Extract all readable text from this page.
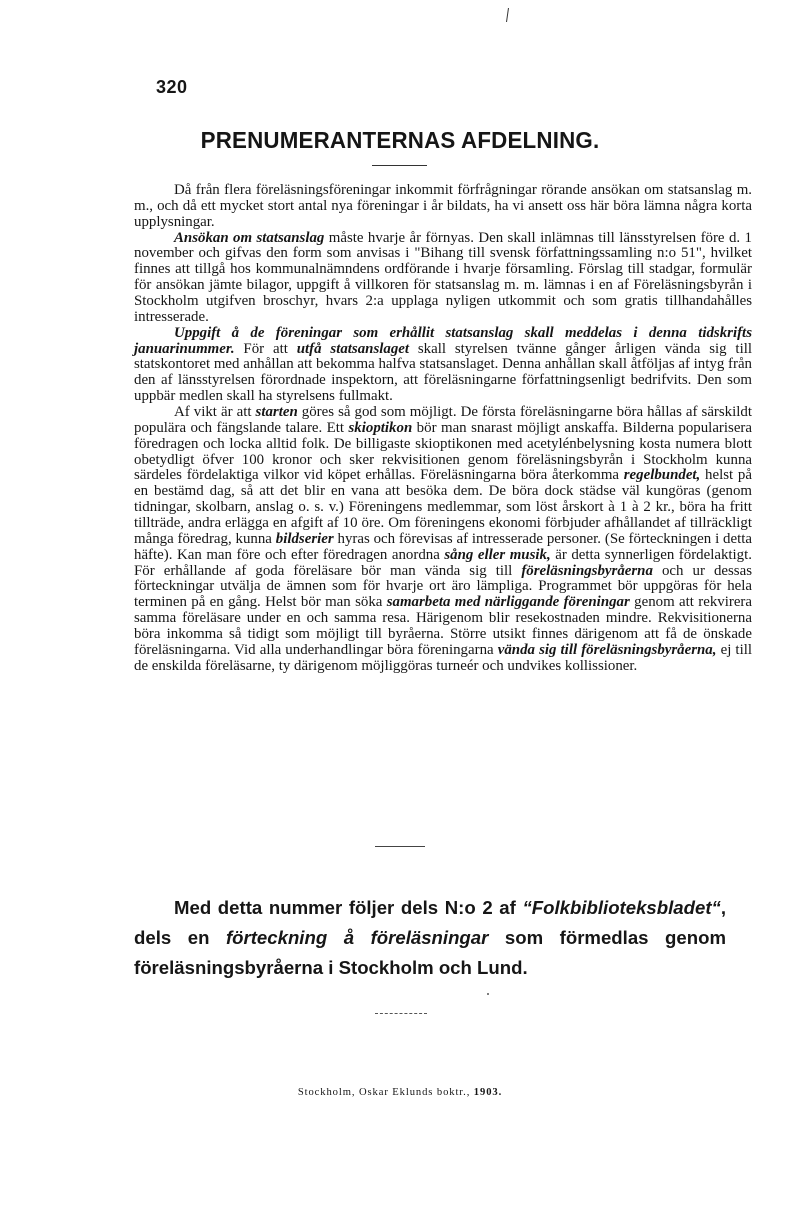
320
PRENUMERANTERNAS AFDELNING.

Då från flera föreläsningsföreningar inkommit förfrågningar rörande ansökan om statsanslag m. m., och då ett mycket stort antal nya föreningar i år bildats, ha vi ansett oss här böra lämna några korta upplysningar.

Ansökan om statsanslag måste hvarje år förnyas. Den skall inlämnas till länsstyrelsen före d. 1 november och gifvas den form som anvisas i "Bihang till svensk författningssamling n:o 51", hvilket finnes att tillgå hos kommunalnämndens ordförande i hvarje församling. Förslag till stadgar, formulär för ansökan jämte bilagor, uppgift å villkoren för statsanslag m. m. lämnas i en af Föreläsningsbyrån i Stockholm utgifven broschyr, hvars 2:a upplaga nyligen utkommit och som gratis tillhandahålles intresserade.

Uppgift å de föreningar som erhållit statsanslag skall meddelas i denna tidskrifts januarinummer. För att utfå statsanslaget skall styrelsen tvänne gånger årligen vända sig till statskontoret med anhållan att bekomma halfva statsanslaget. Denna anhållan skall åtföljas af intyg från den af länsstyrelsen förordnade inspektorn, att föreläsningarne författningsenligt bedrifvits. Den som uppbär medlen skall ha styrelsens fullmakt.

Af vikt är att starten göres så god som möjligt. De första föreläsningarne böra hållas af särskildt populära och fängslande talare. Ett skioptikon bör man snarast möjligt anskaffa. Bilderna popularisera föredragen och locka alltid folk. De billigaste skioptikonen med acetylénbelysning kosta numera blott obetydligt öfver 100 kronor och sker rekvisitionen genom föreläsningsbyrån i Stockholm kunna särdeles fördelaktiga vilkor vid köpet erhållas. Föreläsningarna böra återkomma regelbundet, helst på en bestämd dag, så att det blir en vana att besöka dem. De böra dock städse väl kungöras (genom tidningar, skolbarn, anslag o. s. v.) Föreningens medlemmar, som löst årskort à 1 à 2 kr., böra ha fritt tillträde, andra erlägga en afgift af 10 öre. Om föreningens ekonomi förbjuder afhållandet af tillräckligt många föredrag, kunna bildserier hyras och förevisas af intresserade personer. (Se förteckningen i detta häfte). Kan man före och efter föredragen anordna sång eller musik, är detta synnerligen fördelaktigt. För erhållande af goda föreläsare bör man vända sig till föreläsningsbyråerna och ur dessas förteckningar utvälja de ämnen som för hvarje ort äro lämpliga. Programmet bör uppgöras för hela terminen på en gång. Helst bör man söka samarbeta med närliggande föreningar genom att rekvirera samma föreläsare under en och samma resa. Härigenom blir resekostnaden mindre. Rekvisitionerna böra inkomma så tidigt som möjligt till byråerna. Större utsikt finnes därigenom att få de önskade föreläsningarna. Vid alla underhandlingar böra föreningarna vända sig till föreläsningsbyråerna, ej till de enskilda föreläsarne, ty därigenom möjliggöras turneér och undvikes kollissioner.

Med detta nummer följer dels N:o 2 af “Folkbiblioteksbladet“, dels en förteckning å föreläsningar som förmedlas genom föreläsningsbyråerna i Stockholm och Lund.
Stockholm, Oskar Eklunds boktr., 1903.
